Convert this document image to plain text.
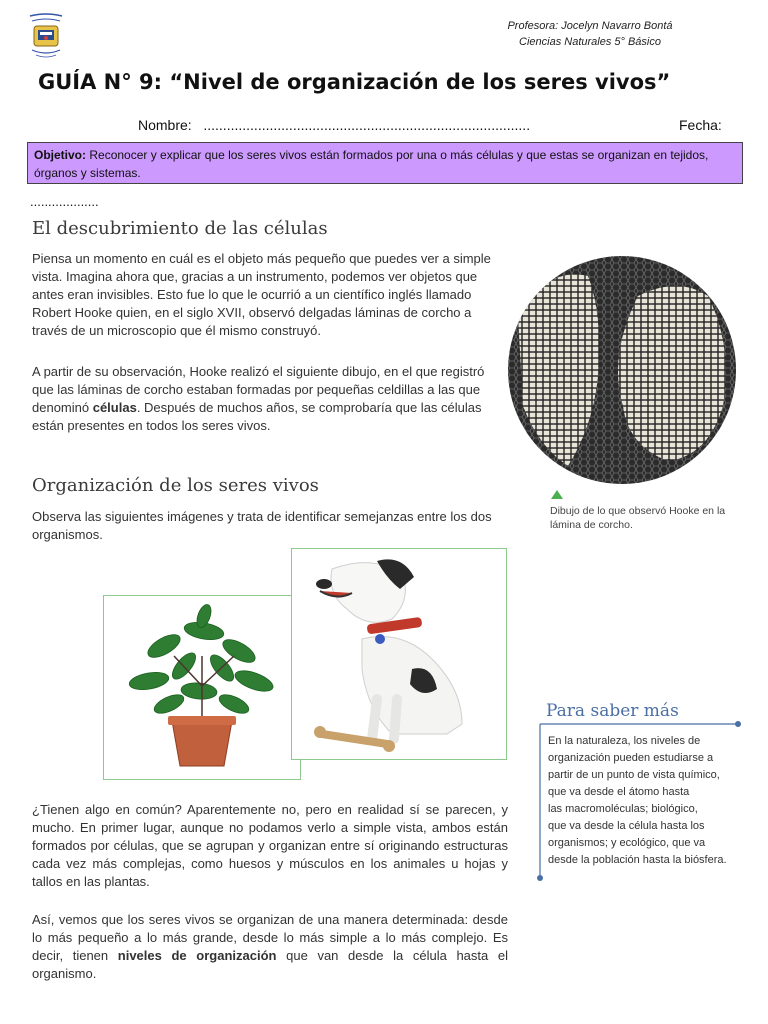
Profesora: Jocelyn Navarro Bontá
Ciencias Naturales 5° Básico
GUÍA N° 9: “Nivel de organización de los seres vivos”
Nombre: ....................................................................................	Fecha:
Objetivo: Reconocer y explicar que los seres vivos están formados por una o más células y que estas se organizan en tejidos, órganos y sistemas.
...................
El descubrimiento de las células
Piensa un momento en cuál es el objeto más pequeño que puedes ver a simple vista. Imagina ahora que, gracias a un instrumento, podemos ver objetos que antes eran invisibles. Esto fue lo que le ocurrió a un científico inglés llamado Robert Hooke quien, en el siglo XVII, observó delgadas láminas de corcho a través de un microscopio que él mismo construyó.
A partir de su observación, Hooke realizó el siguiente dibujo, en el que registró que las láminas de corcho estaban formadas por pequeñas celdillas a las que denominó células. Después de muchos años, se comprobaría que las células están presentes en todos los seres vivos.
Dibujo de lo que observó Hooke en la lámina de corcho.
Organización de los seres vivos
Observa las siguientes imágenes y trata de identificar semejanzas entre los dos organismos.
¿Tienen algo en común? Aparentemente no, pero en realidad sí se parecen, y mucho. En primer lugar, aunque no podamos verlo a simple vista, ambos están formados por células, que se agrupan y organizan entre sí originando estructuras cada vez más complejas, como huesos y músculos en los animales u hojas y tallos en las plantas.
Así, vemos que los seres vivos se organizan de una manera determinada: desde lo más pequeño a lo más grande, desde lo más simple a lo más complejo. Es decir, tienen niveles de organización que van desde la célula hasta el organismo.
Para saber más

En la naturaleza, los niveles de

organización pueden estudiarse a

partir de un punto de vista químico,

que va desde el átomo hasta

las macromoléculas; biológico,

que va desde la célula hasta los

organismos; y ecológico, que va

desde la población hasta la biósfera.
